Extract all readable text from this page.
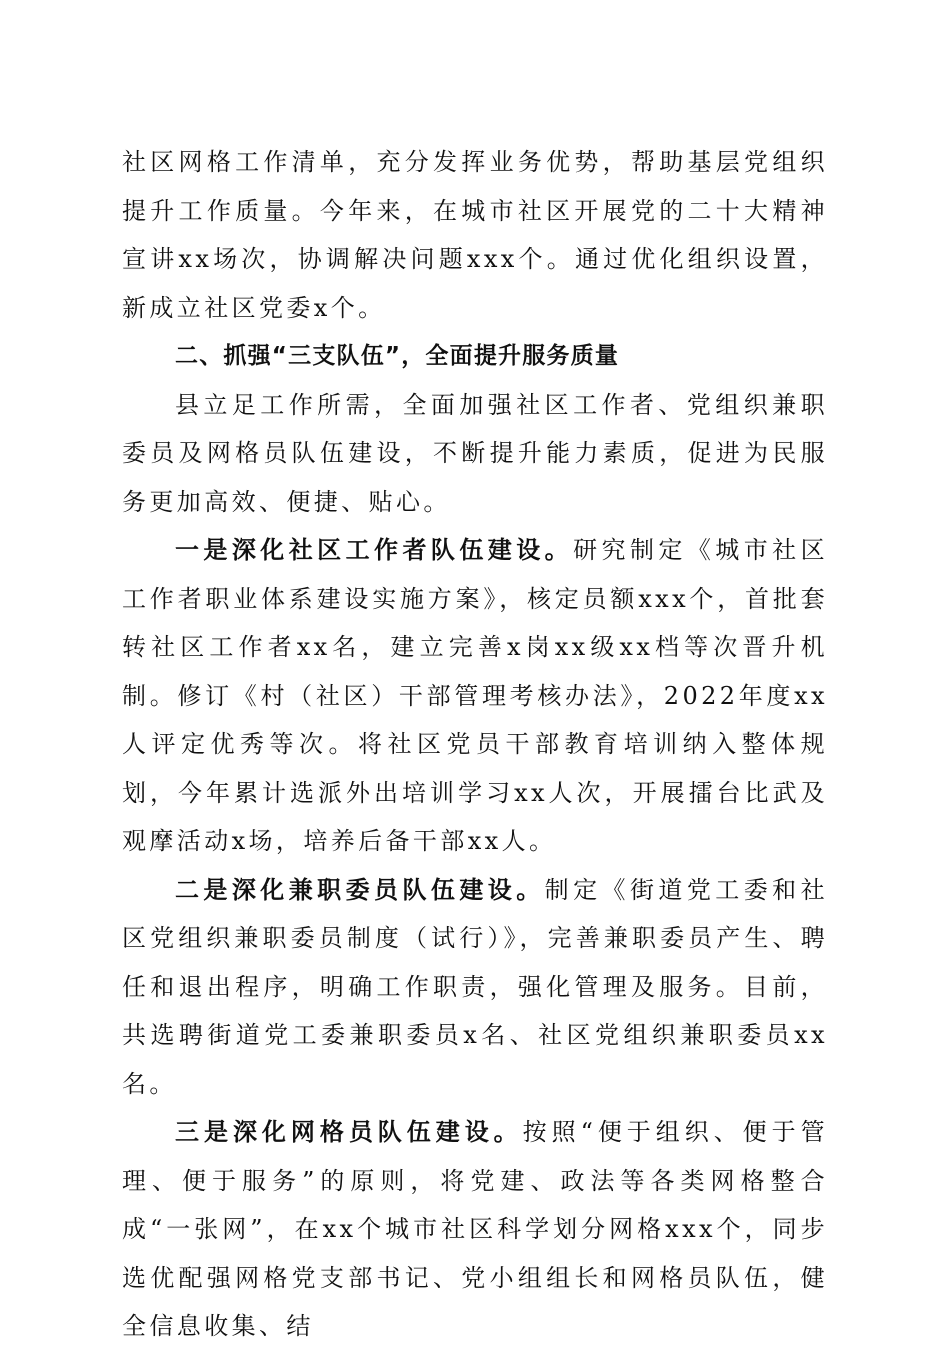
社区网格工作清单，充分发挥业务优势，帮助基层党组织提升工作质量。今年来，在城市社区开展党的二十大精神宣讲xx场次，协调解决问题xxx个。通过优化组织设置，新成立社区党委x个。

二、抓强“三支队伍”，全面提升服务质量

县立足工作所需，全面加强社区工作者、党组织兼职委员及网格员队伍建设，不断提升能力素质，促进为民服务更加高效、便捷、贴心。

一是深化社区工作者队伍建设。研究制定《城市社区工作者职业体系建设实施方案》，核定员额xxx个，首批套转社区工作者xx名，建立完善x岗xx级xx档等次晋升机制。修订《村（社区）干部管理考核办法》，2022年度xx人评定优秀等次。将社区党员干部教育培训纳入整体规划，今年累计选派外出培训学习xx人次，开展擂台比武及观摩活动x场，培养后备干部xx人。

二是深化兼职委员队伍建设。制定《街道党工委和社区党组织兼职委员制度（试行）》，完善兼职委员产生、聘任和退出程序，明确工作职责，强化管理及服务。目前，共选聘街道党工委兼职委员x名、社区党组织兼职委员xx名。

三是深化网格员队伍建设。按照“便于组织、便于管理、便于服务”的原则，将党建、政法等各类网格整合成“一张网”，在xx个城市社区科学划分网格xxx个，同步选优配强网格党支部书记、党小组组长和网格员队伍，健全信息收集、结
